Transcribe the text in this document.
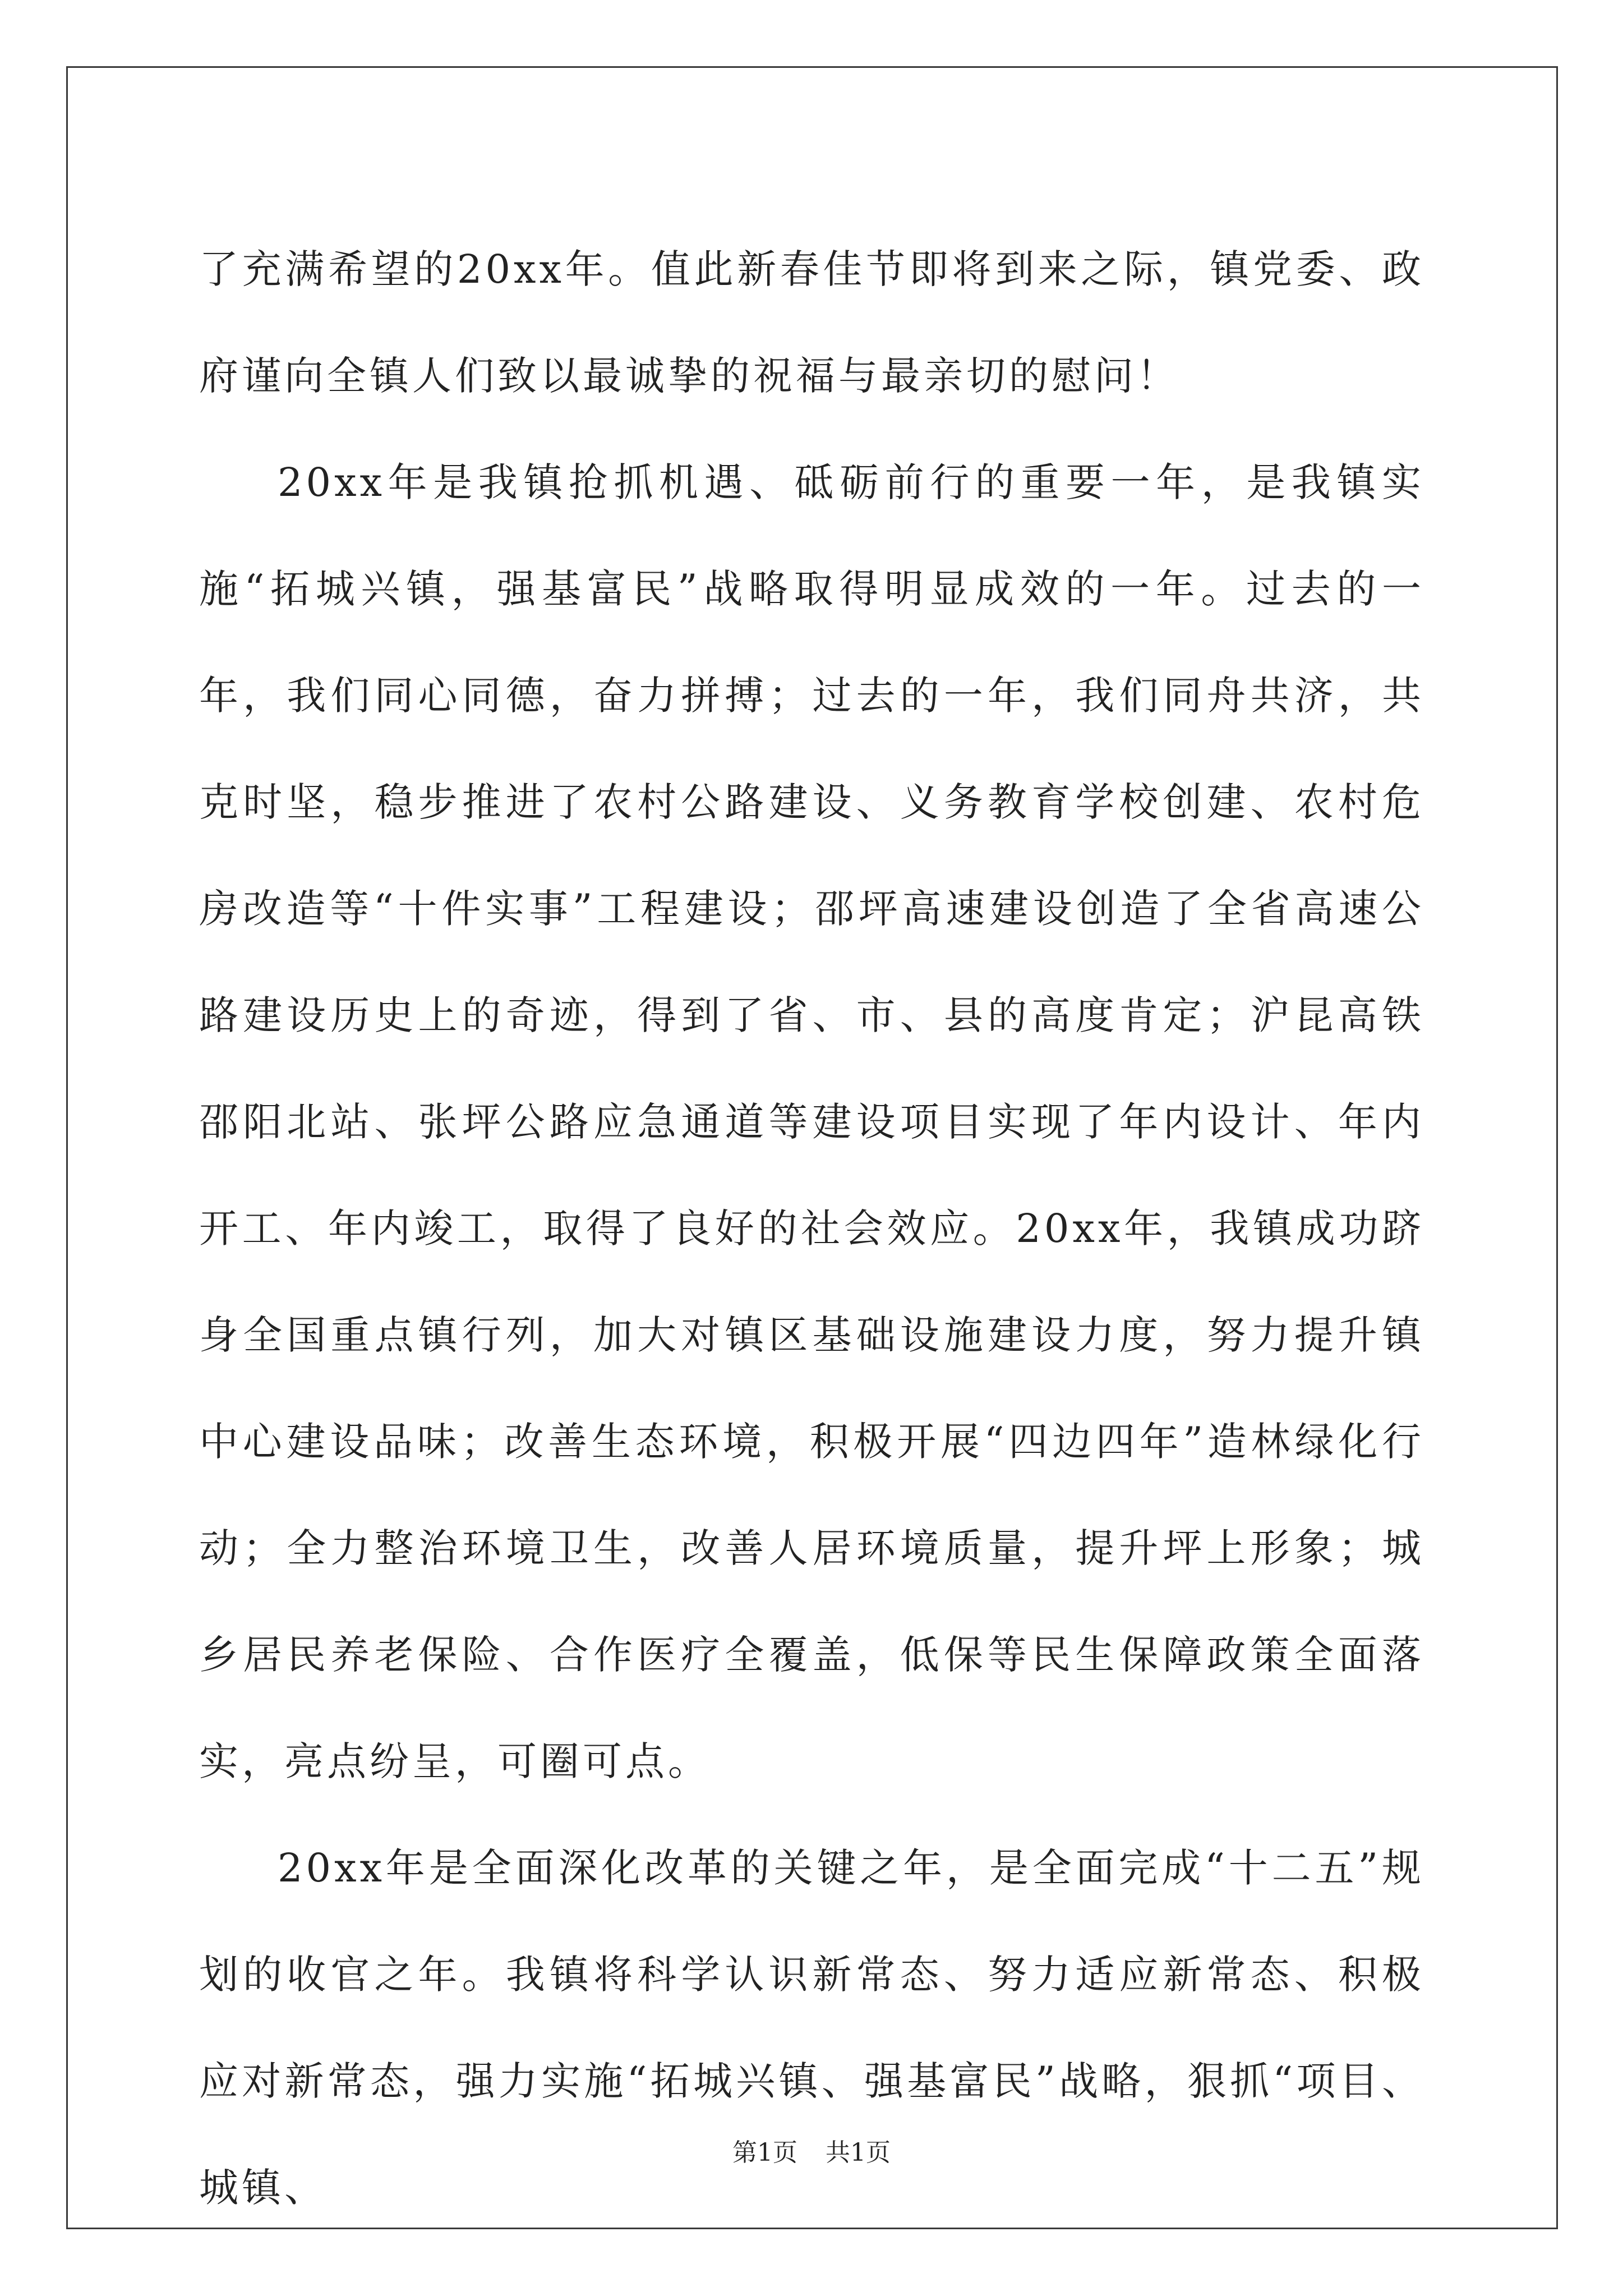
了充满希望的20xx年。值此新春佳节即将到来之际，镇党委、政府谨向全镇人们致以最诚挚的祝福与最亲切的慰问！

20xx年是我镇抢抓机遇、砥砺前行的重要一年，是我镇实施“拓城兴镇，强基富民”战略取得明显成效的一年。过去的一年，我们同心同德，奋力拼搏；过去的一年，我们同舟共济，共克时坚，稳步推进了农村公路建设、义务教育学校创建、农村危房改造等“十件实事”工程建设；邵坪高速建设创造了全省高速公路建设历史上的奇迹，得到了省、市、县的高度肯定；沪昆高铁邵阳北站、张坪公路应急通道等建设项目实现了年内设计、年内开工、年内竣工，取得了良好的社会效应。20xx年，我镇成功跻身全国重点镇行列，加大对镇区基础设施建设力度，努力提升镇中心建设品味；改善生态环境，积极开展“四边四年”造林绿化行动；全力整治环境卫生，改善人居环境质量，提升坪上形象；城乡居民养老保险、合作医疗全覆盖，低保等民生保障政策全面落实，亮点纷呈，可圈可点。

20xx年是全面深化改革的关键之年，是全面完成“十二五”规划的收官之年。我镇将科学认识新常态、努力适应新常态、积极应对新常态，强力实施“拓城兴镇、强基富民”战略，狠抓“项目、城镇、

第1页 共1页
